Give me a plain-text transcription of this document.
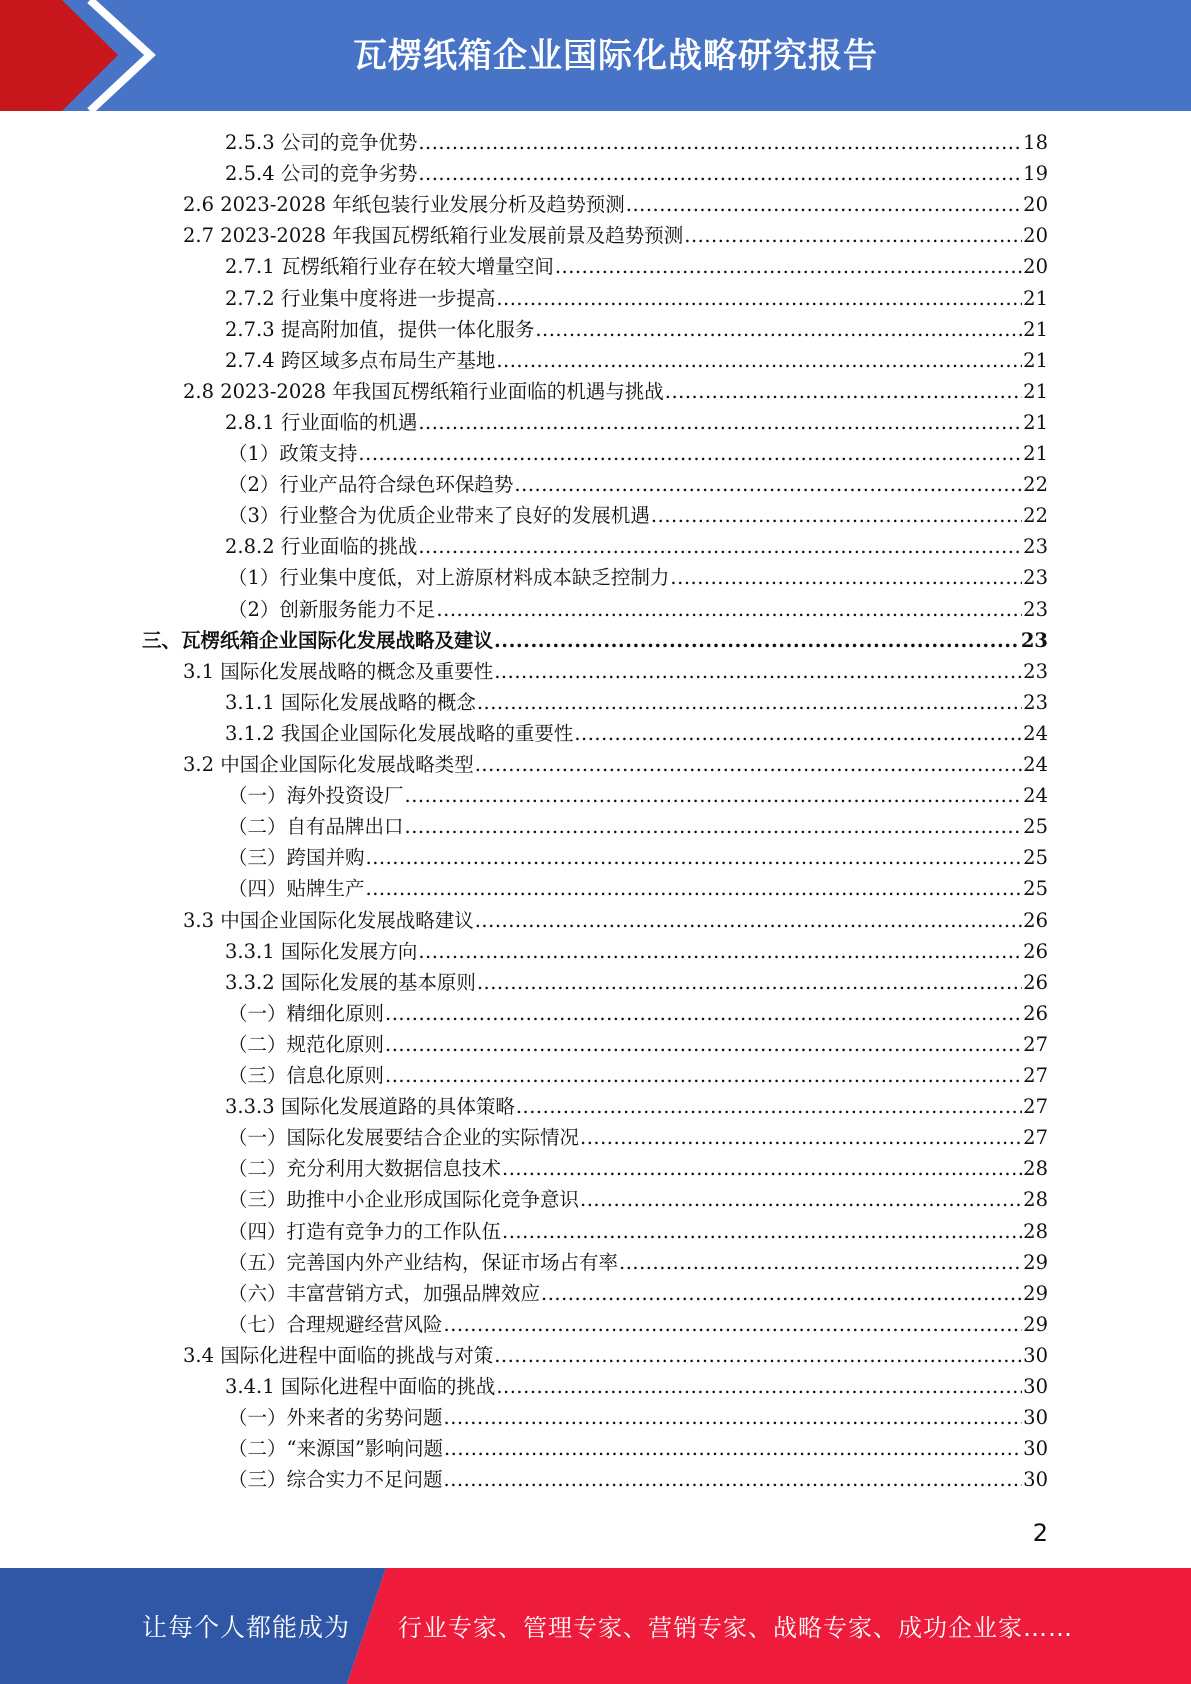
瓦楞纸箱企业国际化战略研究报告
2.5.3 公司的竞争优势 .....	18
2.5.4 公司的竞争劣势 .....	19
2.6 2023-2028 年纸包装行业发展分析及趋势预测 .....	20
2.7 2023-2028 年我国瓦楞纸箱行业发展前景及趋势预测 .....	20
2.7.1 瓦楞纸箱行业存在较大增量空间 .....	20
2.7.2 行业集中度将进一步提高 .....	21
2.7.3 提高附加值，提供一体化服务 .....	21
2.7.4 跨区域多点布局生产基地 .....	21
2.8 2023-2028 年我国瓦楞纸箱行业面临的机遇与挑战 .....	21
2.8.1 行业面临的机遇 .....	21
（1）政策支持 .....	21
（2）行业产品符合绿色环保趋势 .....	22
（3）行业整合为优质企业带来了良好的发展机遇 .....	22
2.8.2 行业面临的挑战 .....	23
（1）行业集中度低，对上游原材料成本缺乏控制力 .....	23
（2）创新服务能力不足 .....	23
三、瓦楞纸箱企业国际化发展战略及建议 .....	23
3.1 国际化发展战略的概念及重要性 .....	23
3.1.1 国际化发展战略的概念 .....	23
3.1.2 我国企业国际化发展战略的重要性 .....	24
3.2 中国企业国际化发展战略类型 .....	24
（一）海外投资设厂 .....	24
（二）自有品牌出口 .....	25
（三）跨国并购 .....	25
（四）贴牌生产 .....	25
3.3 中国企业国际化发展战略建议 .....	26
3.3.1 国际化发展方向 .....	26
3.3.2 国际化发展的基本原则 .....	26
（一）精细化原则 .....	26
（二）规范化原则 .....	27
（三）信息化原则 .....	27
3.3.3 国际化发展道路的具体策略 .....	27
（一）国际化发展要结合企业的实际情况 .....	27
（二）充分利用大数据信息技术 .....	28
（三）助推中小企业形成国际化竞争意识 .....	28
（四）打造有竞争力的工作队伍 .....	28
（五）完善国内外产业结构，保证市场占有率 .....	29
（六）丰富营销方式，加强品牌效应 .....	29
（七）合理规避经营风险 .....	29
3.4 国际化进程中面临的挑战与对策 .....	30
3.4.1 国际化进程中面临的挑战 .....	30
（一）外来者的劣势问题 .....	30
（二）“来源国”影响问题 .....	30
（三）综合实力不足问题 .....	30
2
让每个人都能成为 行业专家、管理专家、营销专家、战略专家、成功企业家……
